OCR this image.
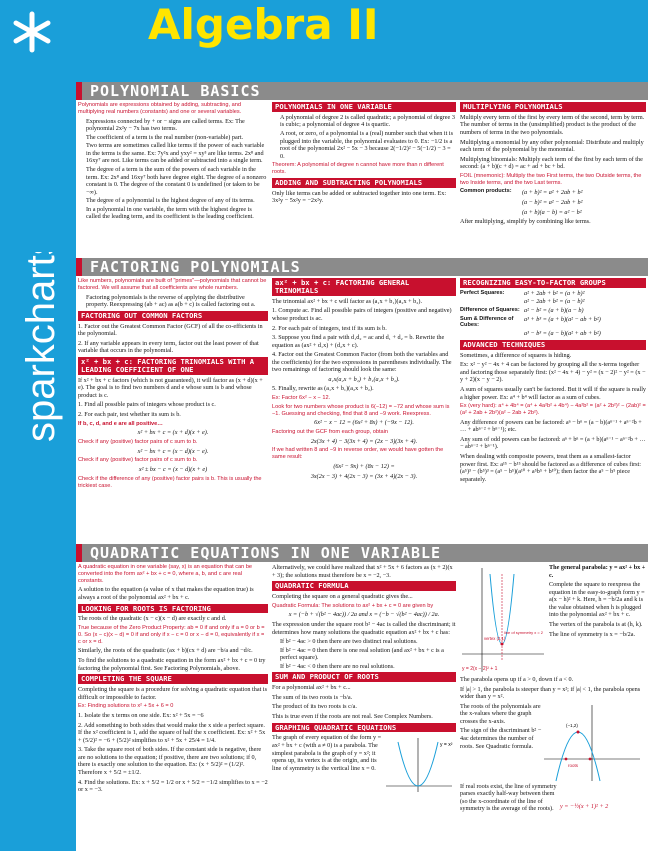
sparkcharts
Algebra II
POLYNOMIAL BASICS

Polynomials are expressions obtained by adding, subtracting, and multiplying real numbers (constants) and one or several variables.

• Expressions connected by + or − signs are called terms. Ex: The polynomial 2x²y − 7x has two terms.
• The coefficient of a term is the real number (non-variable) part.
• Two terms are sometimes called like terms if the power of each variable in the terms is the same. Ex: 7y²x and yxy² = xy³ are like terms. 2x⁸ and 16xy⁷ are not. Like terms can be added or subtracted into a single term.
• The degree of a term is the sum of the powers of each variable in the term. Ex: 2x⁸ and 16xy⁷ both have degree eight. The degree of a nonzero constant is 0. The degree of the constant 0 is undefined (or taken to be −∞).
• The degree of a polynomial is the highest degree of any of its terms.
• In a polynomial in one variable, the term with the highest degree is called the leading term, and its coefficient is the leading coefficient.
POLYNOMIALS IN ONE VARIABLE
• A polynomial of degree 2 is called quadratic; a polynomial of degree 3 is cubic; a polynomial of degree 4 is quartic.
• A root, or zero, of a polynomial is a (real) number such that when it is plugged into the variable, the polynomial evaluates to 0. Ex: −1/2 is a root of the polynomial 2x² − 5x − 3 because 2(−1/2)² − 5(−1/2) − 3 = 0.

Theorem: A polynomial of degree n cannot have more than n different roots.

ADDING AND SUBTRACTING POLYNOMIALS

Only like terms can be added or subtracted together into one term. Ex: 3x²y − 5x²y = −2x²y.

MULTIPLYING POLYNOMIALS

Multiply every term of the first by every term of the second, term by term. The number of terms in the (unsimplified) product is the product of the numbers of terms in the two polynomials.

Multiplying a monomial by any other polynomial: Distribute and multiply each term of the polynomial by the monomial.

Multiplying binomials: Multiply each term of the first by each term of the second: (a + b)(c + d) = ac + ad + bc + bd.

FOIL (mnemonic): Multiply the two First terms, the two Outside terms, the two Inside terms, and the two Last terms.

Common products:	(a + b)² = a² + 2ab + b²
(a − b)² = a² − 2ab + b²
(a + b)(a − b) = a² − b²

After multiplying, simplify by combining like terms.

FACTORING POLYNOMIALS

Like numbers, polynomials are built of "primes"—polynomials that cannot be factored. We will assume that all coefficients are whole numbers.

• Factoring polynomials is the reverse of applying the distributive property. Reexpressing (ab + ac) as a(b + c) is called factoring out a.
FACTORING OUT COMMON FACTORS

1. Factor out the Greatest Common Factor (GCF) of all the co-efficients in the polynomial.

2. If any variable appears in every term, factor out the least power of that variable that occurs in the polynomial.

x² + bx + c: FACTORING TRINOMIALS WITH A LEADING COEFFICIENT OF ONE

If x² + bx + c factors (which is not guaranteed), it will factor as (x + d)(x + e). The goal is to find two numbers d and e whose sum is b and whose product is c.

1. Find all possible pairs of integers whose product is c.

2. For each pair, test whether its sum is b.

If b, c, d, and e are all positive…

x² + bx + c = (x + d)(x + e).

Check if any (positive) factor pairs of c sum to b.

x² − bx + c = (x − d)(x − e).

Check if any (positive) factor pairs of c sum to b.

x² ± bx − c = (x − d)(x + e)

Check if the difference of any (positive) factor pairs is b. This is usually the trickiest case.

ax² + bx + c: FACTORING GENERAL TRINOMIALS

The trinomial ax² + bx + c will factor as (a₁x + b₁)(a₂x + b₂).

1. Compute ac. Find all possible pairs of integers (positive and negative) whose product is ac.

2. For each pair of integers, test if its sum is b.

3. Suppose you find a pair with d₁d₂ = ac and d₁ + d₂ = b. Rewrite the equation as (ax² + d₁x) + (d₂x + c).

4. Factor out the Greatest Common Factor (from both the variables and the coefficients) for the two expressions in parentheses individually. The two remainings of factoring should look the same:

a₁x(a₂x + b₂) + b₁(a₂x + b₂).

5. Finally, rewrite as (a₁x + b₁)(a₂x + b₂).

Ex: Factor 6x² − x − 12.

Look for two numbers whose product is 6(−12) = −72 and whose sum is −1. Guessing and checking, find that 8 and −9 work. Reexpress.

6x² − x − 12 = (6x² + 8x) + (−9x − 12).

Factoring out the GCF from each group, obtain

2x(3x + 4) − 3(3x + 4) = (2x − 3)(3x + 4).

If we had written 8 and −9 in reverse order, we would have gotten the same result:

(6x² − 9x) + (8x − 12) =
3x(2x − 3) + 4(2x − 3) = (3x + 4)(2x − 3).
RECOGNIZING EASY-TO-FACTOR GROUPS
Perfect Squares:	a² + 2ab + b² = (a + b)²
a² − 2ab + b² = (a − b)²
Difference of Squares: a² − b² = (a + b)(a − b)
Sum & Difference of Cubes:
a³ + b³ = (a + b)(a² − ab + b²)
a³ − b³ = (a − b)(a² + ab + b²)
ADVANCED TECHNIQUES

Sometimes, a difference of squares is hiding.

Ex: x² − y² − 4x + 4 can be factored by grouping all the x-terms together and factoring those separately first: (x² − 4x + 4) − y² = (x − 2)² − y² = (x − y + 2)(x − y − 2).

A sum of squares usually can't be factored. But it will if the square is really a higher power. Ex: a⁴ + b⁴ will factor as a sum of cubes.

Ex (very hard): a⁴ + 4b⁴ = (a⁴ + 4a²b² + 4b⁴) − 4a²b² = (a² + 2b²)² − (2ab)² = (a² + 2ab + 2b²)(a² − 2ab + 2b²).

Any difference of powers can be factored: aⁿ − bⁿ = (a − b)(aⁿ⁻¹ + aⁿ⁻²b + … + abⁿ⁻² + bⁿ⁻¹); etc.

Any sum of odd powers can be factored: aⁿ + bⁿ = (a + b)(aⁿ⁻¹ − aⁿ⁻²b + … − abⁿ⁻² + bⁿ⁻¹).

When dealing with composite powers, treat them as a smallest-factor power first. Ex: a¹⁵ − b¹⁵ should be factored as a difference of cubes first: (a⁵)³ − (b⁵)³ = (a⁵ − b⁵)(a¹⁰ + a⁵b⁵ + b¹⁰); then factor the a⁵ − b⁵ piece separately.

QUADRATIC EQUATIONS IN ONE VARIABLE

A quadratic equation in one variable (say, x) is an equation that can be converted into the form ax² + bx + c = 0, where a, b, and c are real constants.

A solution to the equation (a value of x that makes the equation true) is always a root of the polynomial ax² + bx + c.

LOOKING FOR ROOTS IS FACTORING

The roots of the quadratic (x − c)(x − d) are exactly c and d.

True because of the Zero Product Property: ab = 0 if and only if a = 0 or b = 0. So (x − c)(x − d) = 0 if and only if x − c = 0 or x − d = 0, equivalently if x = c or x = d.

Similarly, the roots of the quadratic (ax + b)(cx + d) are −b/a and −d/c.

To find the solutions to a quadratic equation in the form ax² + bx + c = 0 try factoring the polynomial first. See Factoring Polynomials, above.

COMPLETING THE SQUARE

Completing the square is a procedure for solving a quadratic equation that is difficult or impossible to factor.

Ex: Finding solutions to x² + 5x + 6 = 0

1. Isolate the x terms on one side. Ex: x² + 5x = −6

2. Add something to both sides that would make the x side a perfect square. If the x² coefficient is 1, add the square of half the x coefficient. Ex: x² + 5x + (5/2)² = −6 + (5/2)² simplifies to x² + 5x + 25/4 = 1/4.

3. Take the square root of both sides. If the constant side is negative, there are no solutions to the equation; if positive, there are two solutions; if 0, there is exactly one solution to the equation. Ex: (x + 5/2)² = (1/2)². Therefore x + 5/2 = ±1/2.

4. Find the solutions. Ex: x + 5/2 = 1/2 or x + 5/2 = −1/2 simplifies to x = −2 or x = −3.

Alternatively, we could have realized that x² + 5x + 6 factors as (x + 2)(x + 3); the solutions must therefore be x = −2, −3.

QUADRATIC FORMULA

Completing the square on a general quadratic gives the...

Quadratic Formula: The solutions to ax² + bx + c = 0 are given by

x = (−b + √(b² − 4ac)) / 2a and x = (−b − √(b² − 4ac)) / 2a.

The expression under the square root b² − 4ac is called the discriminant; it determines how many solutions the quadratic equation ax² + bx + c has:

• If b² − 4ac > 0 then there are two distinct real solutions.
• If b² − 4ac = 0 then there is one real solution (and ax² + bx + c is a perfect square).
• If b² − 4ac < 0 then there are no real solutions.
SUM AND PRODUCT OF ROOTS

For a polynomial ax² + bx + c...

The sum of its two roots is −b/a.

The product of its two roots is c/a.

This is true even if the roots are not real. See Complex Numbers.

GRAPHING QUADRATIC EQUATIONS

The graph of every equation of the form y = ax² + bx + c (with a ≠ 0) is a parabola. The simplest parabola is the graph of y = x²; it opens up, its vertex is at the origin, and its line of symmetry is the vertical line x = 0.

y = x²
y = 2(x − 2)² + 1
vertex (2,1)
line of symmetry x = 2

The general parabola: y = ax² + bx + c.

Complete the square to reexpress the equation in the easy-to-graph form y = a(x − h)² + k. Here, h = −b/2a and k is the value obtained when h is plugged into the polynomial ax² + bx + c.

The vertex of the parabola is at (h, k).

The line of symmetry is x = −b/2a.

The parabola opens up if a > 0, down if a < 0.

If |a| > 1, the parabola is steeper than y = x²; if |a| < 1, the parabola opens wider than y = x².

The roots of the polynomials are the x-values where the graph crosses the x-axis.

The sign of the discriminant b² − 4ac determines the number of roots. See Quadratic formula.

(−1,2)
roots

If real roots exist, the line of symmetry parses exactly half-way between them (so the x-coordinate of the line of symmetry is the average of the roots).	y = −½(x + 1)² + 2
